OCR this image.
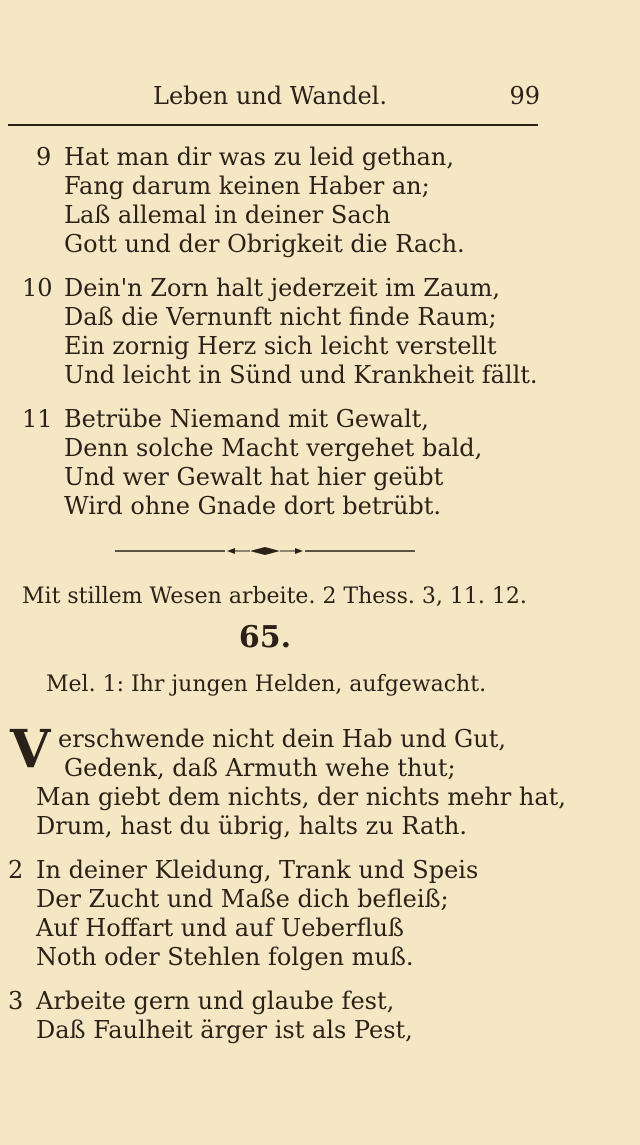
Leben und Wandel.	99
9 Hat man dir was zu leid gethan,
Fang darum keinen Haber an;
Laß allemal in deiner Sach
Gott und der Obrigkeit die Rach.
10 Dein'n Zorn halt jederzeit im Zaum,
Daß die Vernunft nicht finde Raum;
Ein zornig Herz sich leicht verstellt
Und leicht in Sünd und Krankheit fällt.
11 Betrübe Niemand mit Gewalt,
Denn solche Macht vergehet bald,
Und wer Gewalt hat hier geübt
Wird ohne Gnade dort betrübt.
Mit stillem Wesen arbeite. 2 Thess. 3, 11. 12.
65.
Mel. 1: Ihr jungen Helden, aufgewacht.
V erschwende nicht dein Hab und Gut,
Gedenk, daß Armuth wehe thut;
Man giebt dem nichts, der nichts mehr hat,
Drum, hast du übrig, halts zu Rath.
2 In deiner Kleidung, Trank und Speis
Der Zucht und Maße dich befleiß;
Auf Hoffart und auf Ueberfluß
Noth oder Stehlen folgen muß.
3 Arbeite gern und glaube fest,
Daß Faulheit ärger ist als Pest,
